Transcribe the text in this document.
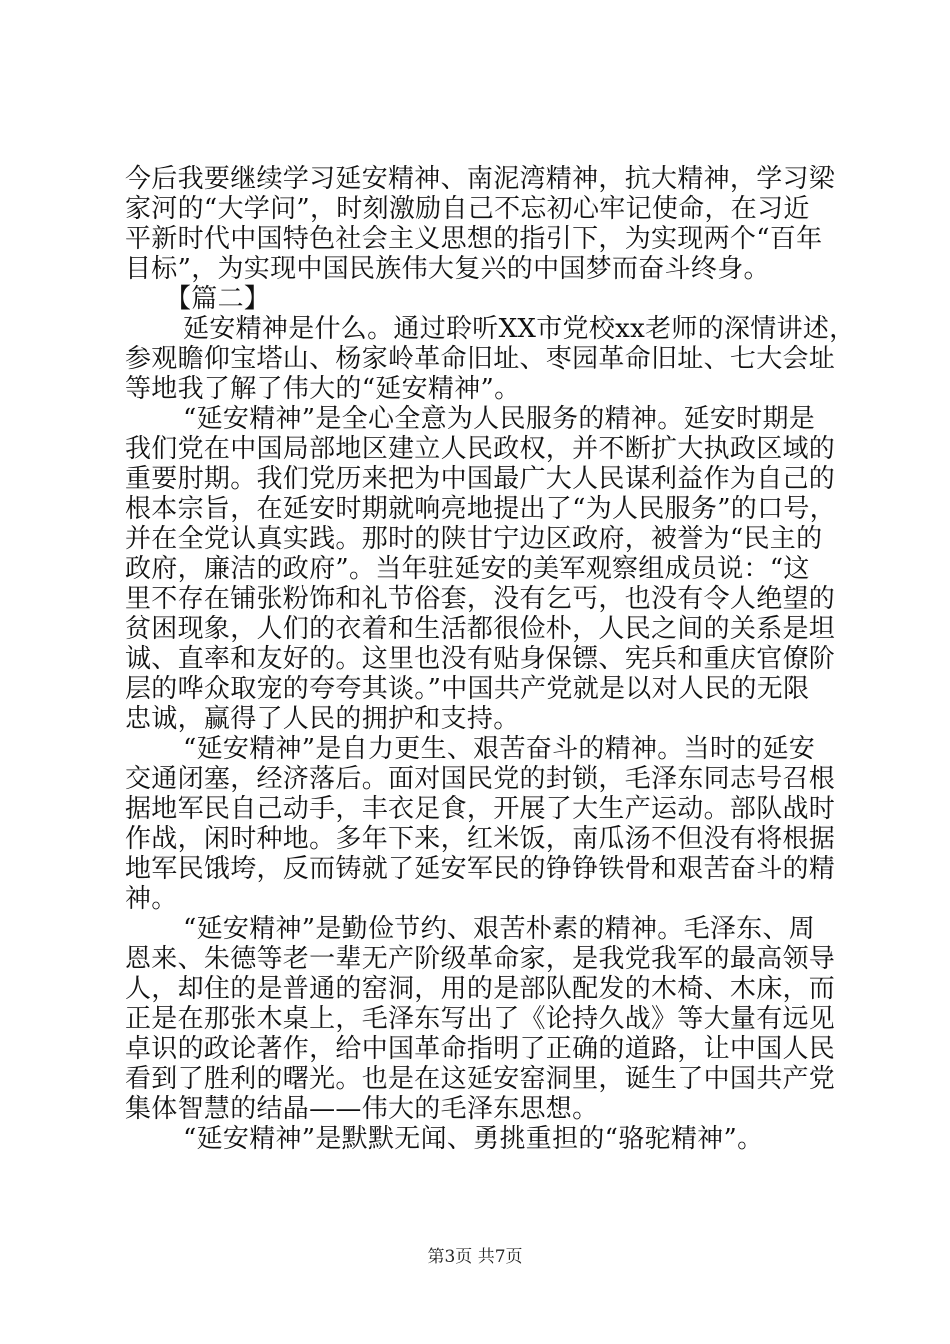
今后我要继续学习延安精神、南泥湾精神，抗大精神，学习梁
家河的“大学问”，时刻激励自己不忘初心牢记使命，在习近
平新时代中国特色社会主义思想的指引下，为实现两个“百年
目标”，为实现中国民族伟大复兴的中国梦而奋斗终身。
【篇二】
延安精神是什么。通过聆听XX市党校xx老师的深情讲述，
参观瞻仰宝塔山、杨家岭革命旧址、枣园革命旧址、七大会址
等地我了解了伟大的“延安精神”。
“延安精神”是全心全意为人民服务的精神。延安时期是
我们党在中国局部地区建立人民政权，并不断扩大执政区域的
重要肘期。我们党历来把为中国最广大人民谋利益作为自己的
根本宗旨，在延安时期就响亮地提出了“为人民服务”的口号，
并在全党认真实践。那时的陕甘宁边区政府，被誉为“民主的
政府，廉洁的政府”。当年驻延安的美军观察组成员说：“这
里不存在铺张粉饰和礼节俗套，没有乞丐，也没有令人绝望的
贫困现象，人们的衣着和生活都很俭朴，人民之间的关系是坦
诚、直率和友好的。这里也没有贴身保镖、宪兵和重庆官僚阶
层的哗众取宠的夸夸其谈。”中国共产党就是以对人民的无限
忠诚，赢得了人民的拥护和支持。
“延安精神”是自力更生、艰苦奋斗的精神。当时的延安
交通闭塞，经济落后。面对国民党的封锁，毛泽东同志号召根
据地军民自己动手，丰衣足食，开展了大生产运动。部队战时
作战，闲时种地。多年下来，红米饭，南瓜汤不但没有将根据
地军民饿垮，反而铸就了延安军民的铮铮铁骨和艰苦奋斗的精
神。
“延安精神”是勤俭节约、艰苦朴素的精神。毛泽东、周
恩来、朱德等老一辈无产阶级革命家，是我党我军的最高领导
人，却住的是普通的窑洞，用的是部队配发的木椅、木床，而
正是在那张木桌上，毛泽东写出了《论持久战》等大量有远见
卓识的政论著作，给中国革命指明了正确的道路，让中国人民
看到了胜利的曙光。也是在这延安窑洞里，诞生了中国共产党
集体智慧的结晶——伟大的毛泽东思想。
“延安精神”是默默无闻、勇挑重担的“骆驼精神”。
第3页 共7页
